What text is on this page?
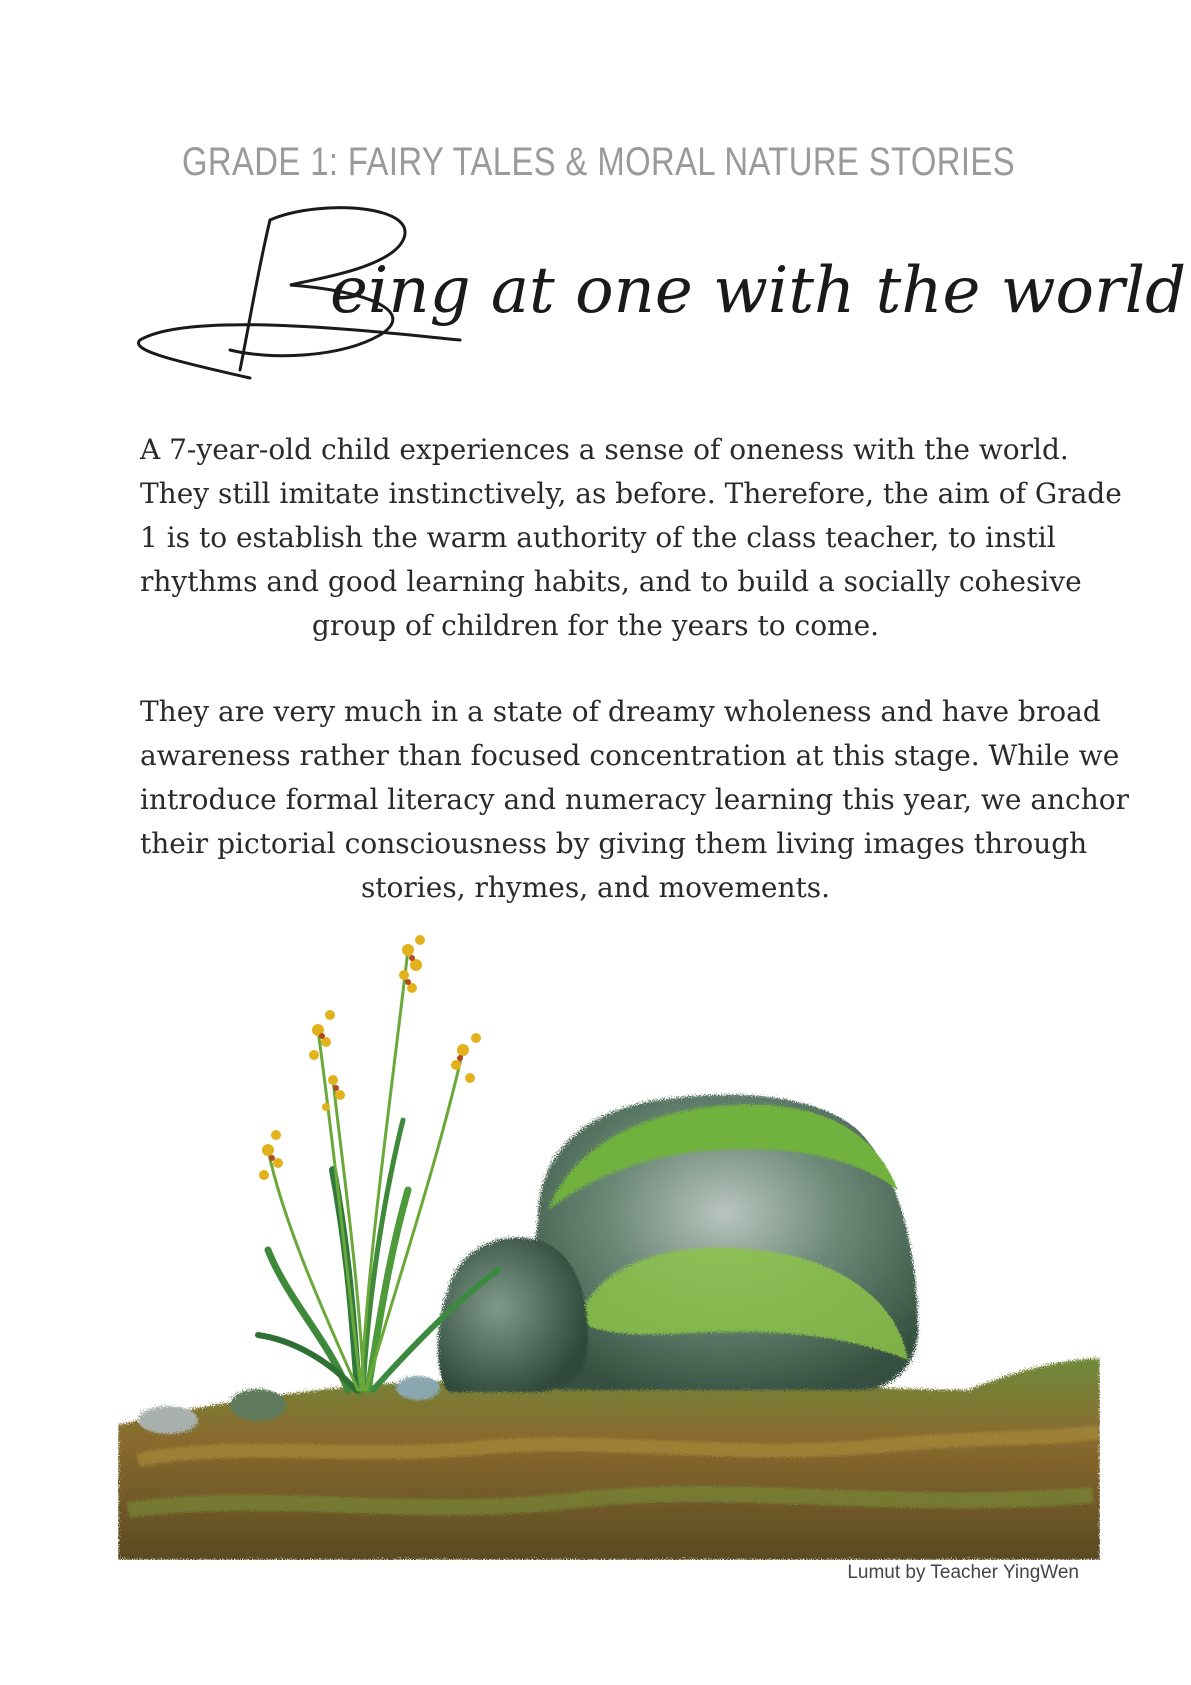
GRADE 1: FAIRY TALES & MORAL NATURE STORIES
eing at one with the world

A 7-year-old child experiences a sense of oneness with the world.
They still imitate instinctively, as before. Therefore, the aim of Grade
1 is to establish the warm authority of the class teacher, to instil
rhythms and good learning habits, and to build a socially cohesive
group of children for the years to come.

They are very much in a state of dreamy wholeness and have broad
awareness rather than focused concentration at this stage. While we
introduce formal literacy and numeracy learning this year, we anchor
their pictorial consciousness by giving them living images through
stories, rhymes, and movements.

Lumut by Teacher YingWen
